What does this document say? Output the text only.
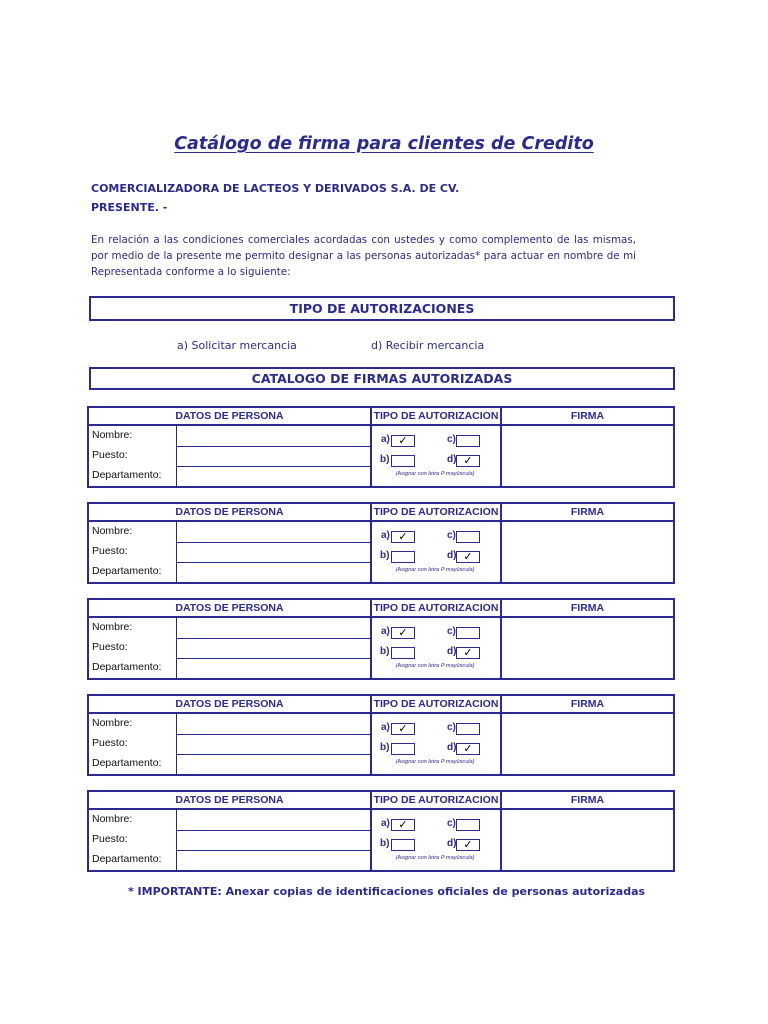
Catálogo de firma para clientes de Credito
COMERCIALIZADORA DE LACTEOS Y DERIVADOS S.A. DE CV.
PRESENTE. -
En relación a las condiciones comerciales acordadas con ustedes y como complemento de las mismas, por medio de la presente me permito designar a las personas autorizadas* para actuar en nombre de mi Representada conforme a lo siguiente:
TIPO DE AUTORIZACIONES
a) Solicitar mercancia	d) Recibir mercancia
CATALOGO DE FIRMAS AUTORIZADAS
DATOS DE PERSONA	TIPO DE AUTORIZACION	FIRMA
Nombre:
Puesto:
Departamento:
a) ✓	c)
b)	d) ✓
(Asignar con letra P mayúscula)
DATOS DE PERSONA	TIPO DE AUTORIZACION	FIRMA
Nombre:
Puesto:
Departamento:
a) ✓	c)
b)	d) ✓
(Asignar con letra P mayúscula)
DATOS DE PERSONA	TIPO DE AUTORIZACION	FIRMA
Nombre:
Puesto:
Departamento:
a) ✓	c)
b)	d) ✓
(Asignar con letra P mayúscula)
DATOS DE PERSONA	TIPO DE AUTORIZACION	FIRMA
Nombre:
Puesto:
Departamento:
a) ✓	c)
b)	d) ✓
(Asignar con letra P mayúscula)
DATOS DE PERSONA	TIPO DE AUTORIZACION	FIRMA
Nombre:
Puesto:
Departamento:
a) ✓	c)
b)	d) ✓
(Asignar con letra P mayúscula)
* IMPORTANTE: Anexar copias de identificaciones oficiales de personas autorizadas
